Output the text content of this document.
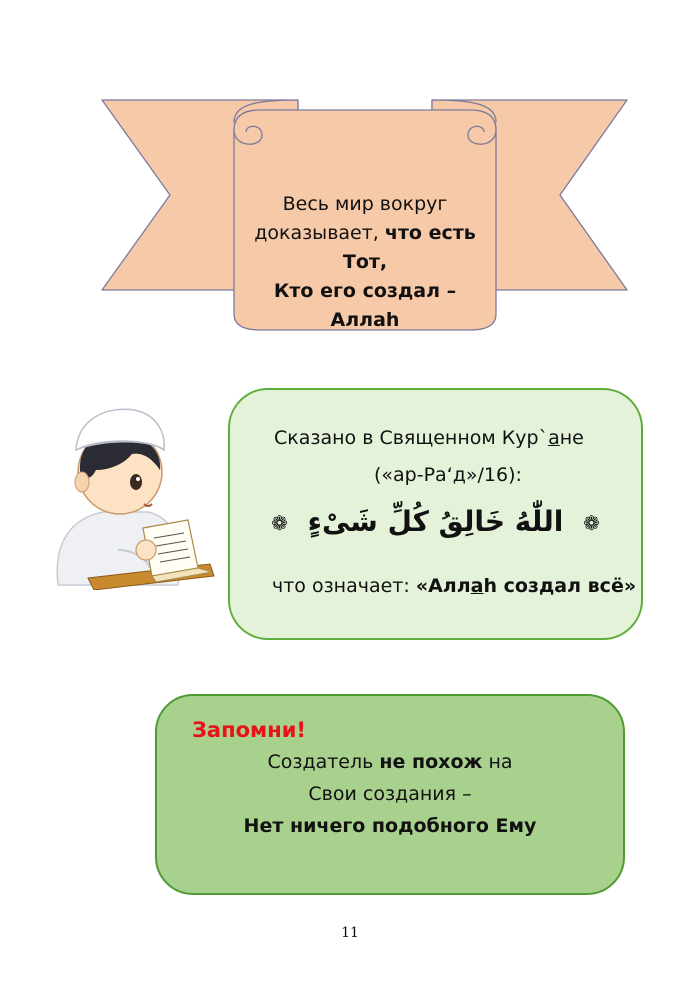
Весь мир вокруг
доказывает, что есть Тот,
Кто его создал – Аллаh
Сказано в Священном Кур`ане
(«ар-Ра‘д»/16):
❁ اللّٰهُ خَالِقُ كُلِّ شَىْءٍ ❁
что означает: «Аллаh создал всё»
Запомни!
Создатель не похож на
Свои создания –
Нет ничего подобного Ему
11
